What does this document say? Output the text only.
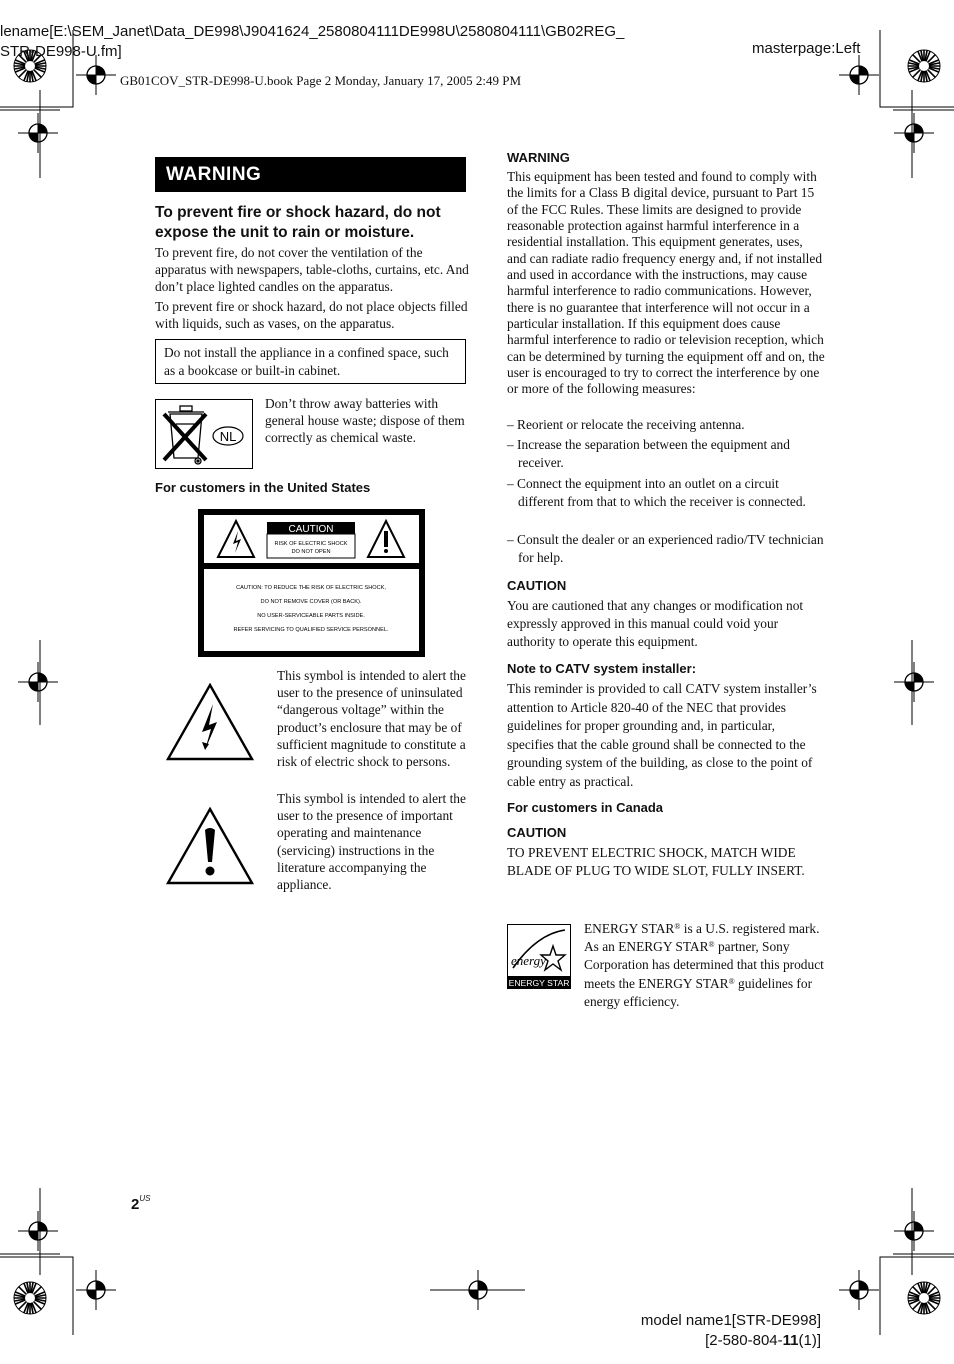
lename[E:\SEM_Janet\Data_DE998\J9041624_2580804111DE998U\2580804111\GB02REG_
STR-DE998-U.fm]	masterpage:Left
GB01COV_STR-DE998-U.book Page 2 Monday, January 17, 2005 2:49 PM
WARNING
To prevent fire or shock hazard, do not expose the unit to rain or moisture.
To prevent fire, do not cover the ventilation of the apparatus with newspapers, table-cloths, curtains, etc. And don’t place lighted candles on the apparatus.
To prevent fire or shock hazard, do not place objects filled with liquids, such as vases, on the apparatus.
Do not install the appliance in a confined space, such as a bookcase or built-in cabinet.
NL
Don’t throw away batteries with general house waste; dispose of them correctly as chemical waste.
For customers in the United States
CAUTION
RISK OF ELECTRIC SHOCK
DO NOT OPEN
CAUTION: TO REDUCE THE RISK OF ELECTRIC SHOCK,
DO NOT REMOVE COVER (OR BACK).
NO USER-SERVICEABLE PARTS INSIDE.
REFER SERVICING TO QUALIFIED SERVICE PERSONNEL.
This symbol is intended to alert the user to the presence of uninsulated “dangerous voltage” within the product’s enclosure that may be of sufficient magnitude to constitute a risk of electric shock to persons.
This symbol is intended to alert the user to the presence of important operating and maintenance (servicing) instructions in the literature accompanying the appliance.
WARNING
This equipment has been tested and found to comply with the limits for a Class B digital device, pursuant to Part 15 of the FCC Rules. These limits are designed to provide reasonable protection against harmful interference in a residential installation. This equipment generates, uses, and can radiate radio frequency energy and, if not installed and used in accordance with the instructions, may cause harmful interference to radio communications. However, there is no guarantee that interference will not occur in a particular installation. If this equipment does cause harmful interference to radio or television reception, which can be determined by turning the equipment off and on, the user is encouraged to try to correct the interference by one or more of the following measures:
– Reorient or relocate the receiving antenna.
– Increase the separation between the equipment and receiver.
– Connect the equipment into an outlet on a circuit different from that to which the receiver is connected.
– Consult the dealer or an experienced radio/TV technician for help.
CAUTION
You are cautioned that any changes or modification not expressly approved in this manual could void your authority to operate this equipment.
Note to CATV system installer:
This reminder is provided to call CATV system installer’s attention to Article 820-40 of the NEC that provides guidelines for proper grounding and, in particular, specifies that the cable ground shall be connected to the grounding system of the building, as close to the point of cable entry as practical.
For customers in Canada
CAUTION
TO PREVENT ELECTRIC SHOCK, MATCH WIDE BLADE OF PLUG TO WIDE SLOT, FULLY INSERT.
energy
ENERGY STAR
ENERGY STAR® is a U.S. registered mark. As an ENERGY STAR® partner, Sony Corporation has determined that this product meets the ENERGY STAR® guidelines for energy efficiency.
$2^{US}$
model name1[STR-DE998]
[2-580-804-11(1)]
